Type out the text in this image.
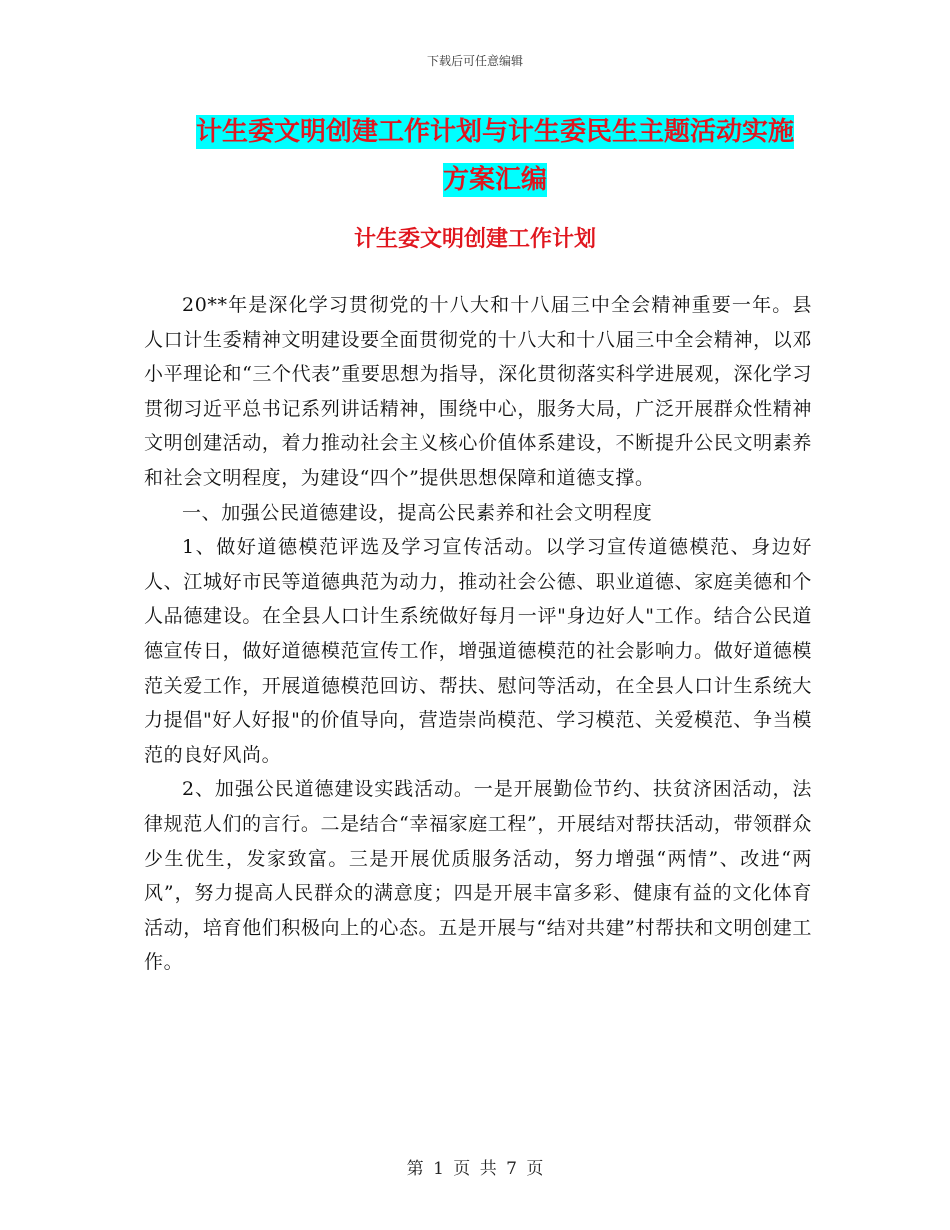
下载后可任意编辑
计生委文明创建工作计划与计生委民生主题活动实施
方案汇编
计生委文明创建工作计划

20**年是深化学习贯彻党的十八大和十八届三中全会精神重要一年。县人口计生委精神文明建设要全面贯彻党的十八大和十八届三中全会精神，以邓小平理论和“三个代表”重要思想为指导，深化贯彻落实科学进展观，深化学习贯彻习近平总书记系列讲话精神，围绕中心，服务大局，广泛开展群众性精神文明创建活动，着力推动社会主义核心价值体系建设，不断提升公民文明素养和社会文明程度，为建设“四个”提供思想保障和道德支撑。

一、加强公民道德建设，提高公民素养和社会文明程度

1、做好道德模范评选及学习宣传活动。以学习宣传道德模范、身边好人、江城好市民等道德典范为动力，推动社会公德、职业道德、家庭美德和个人品德建设。在全县人口计生系统做好每月一评"身边好人"工作。结合公民道德宣传日，做好道德模范宣传工作，增强道德模范的社会影响力。做好道德模范关爱工作，开展道德模范回访、帮扶、慰问等活动，在全县人口计生系统大力提倡"好人好报"的价值导向，营造崇尚模范、学习模范、关爱模范、争当模范的良好风尚。

2、加强公民道德建设实践活动。一是开展勤俭节约、扶贫济困活动，法律规范人们的言行。二是结合“幸福家庭工程”，开展结对帮扶活动，带领群众少生优生，发家致富。三是开展优质服务活动，努力增强“两情”、改进“两风”，努力提高人民群众的满意度；四是开展丰富多彩、健康有益的文化体育活动，培育他们积极向上的心态。五是开展与“结对共建”村帮扶和文明创建工作。

第 1 页 共 7 页
